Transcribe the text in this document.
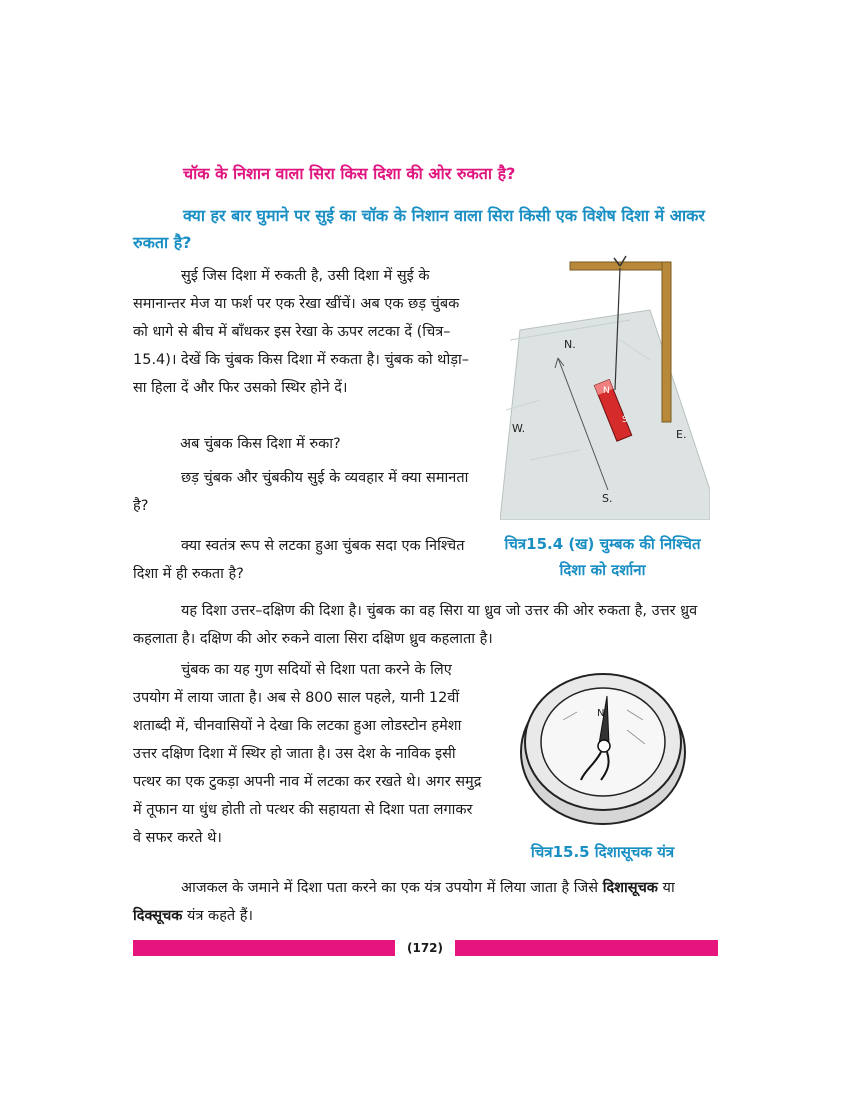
चॉक के निशान वाला सिरा किस दिशा की ओर रुकता है?
क्या हर बार घुमाने पर सुई का चॉक के निशान वाला सिरा किसी एक विशेष दिशा में आकर रुकता है?
सुई जिस दिशा में रुकती है, उसी दिशा में सुई के समानान्तर मेज या फर्श पर एक रेखा खींचें। अब एक छड़ चुंबक को धागे से बीच में बाँधकर इस रेखा के ऊपर लटका दें (चित्र–15.4)। देखें कि चुंबक किस दिशा में रुकता है। चुंबक को थोड़ा–सा हिला दें और फिर उसको स्थिर होने दें।
अब चुंबक किस दिशा में रुका?
छड़ चुंबक और चुंबकीय सुई के व्यवहार में क्या समानता है?
क्या स्वतंत्र रूप से लटका हुआ चुंबक सदा एक निश्चित दिशा में ही रुकता है?
यह दिशा उत्तर–दक्षिण की दिशा है। चुंबक का वह सिरा या ध्रुव जो उत्तर की ओर रुकता है, उत्तर ध्रुव कहलाता है। दक्षिण की ओर रुकने वाला सिरा दक्षिण ध्रुव कहलाता है।
चुंबक का यह गुण सदियों से दिशा पता करने के लिए उपयोग में लाया जाता है। अब से 800 साल पहले, यानी 12वीं शताब्दी में, चीनवासियों ने देखा कि लटका हुआ लोडस्टोन हमेशा उत्तर दक्षिण दिशा में स्थिर हो जाता है। उस देश के नाविक इसी पत्थर का एक टुकड़ा अपनी नाव में लटका कर रखते थे। अगर समुद्र में तूफान या धुंध होती तो पत्थर की सहायता से दिशा पता लगाकर वे सफर करते थे।
आजकल के जमाने में दिशा पता करने का एक यंत्र उपयोग में लिया जाता है जिसे दिशासूचक या दिक्सूचक यंत्र कहते हैं।
N.
W.	E.
S.
N
S
चित्र15.4 (ख) चुम्बक की निश्चित दिशा को दर्शाना
N
चित्र15.5 दिशासूचक यंत्र
(172)
